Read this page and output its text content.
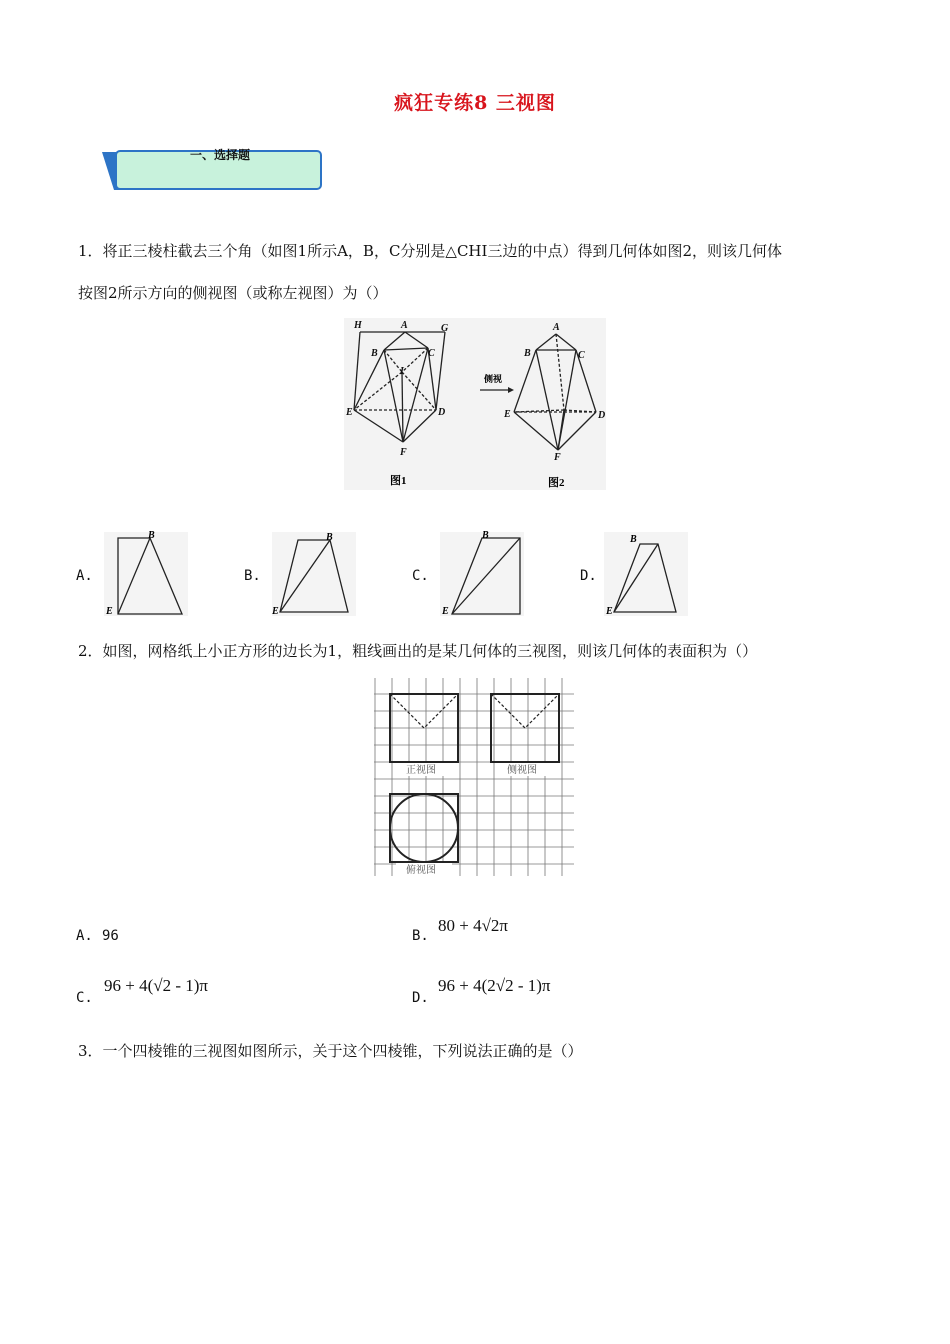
疯狂专练8 三视图
一、选择题
1．将正三棱柱截去三个角（如图1所示A，B，C分别是△CHI三边的中点）得到几何体如图2，则该几何体
按图2所示方向的侧视图（或称左视图）为（）
H	A	G
B	C
I
E	D
F
图1
A
B	C
E	D
F
侧视
图2
A.
B
E
B.
B
E
C.
B
E
D.
B
E
2．如图，网格纸上小正方形的边长为1，粗线画出的是某几何体的三视图，则该几何体的表面积为（）
正视图	侧视图
俯视图
A. 96	B.
80 + 4√2π
C.
96 + 4(√2 - 1)π
D.
96 + 4(2√2 - 1)π
3．一个四棱锥的三视图如图所示，关于这个四棱锥，下列说法正确的是（）
